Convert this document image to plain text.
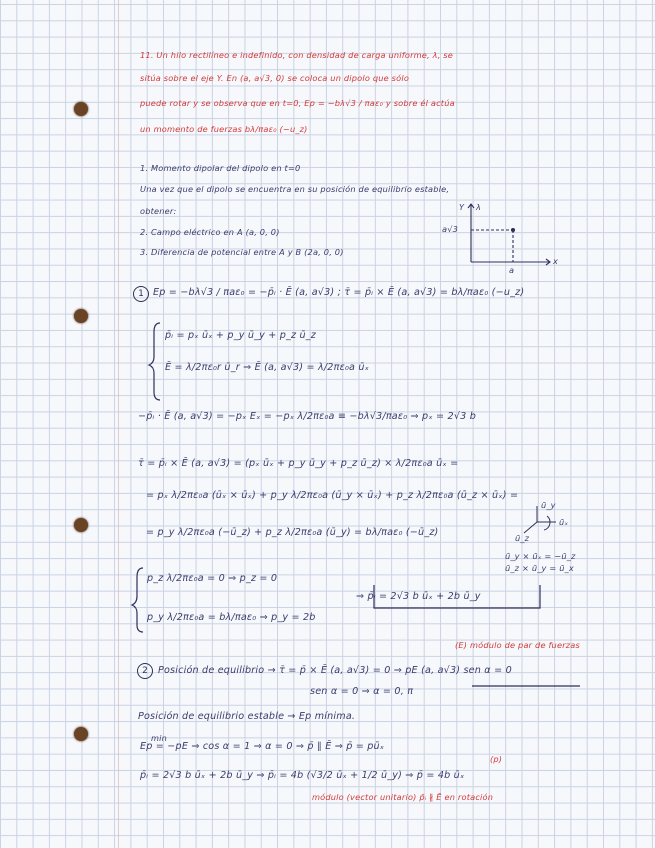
11. Un hilo rectilíneo e indefinido, con densidad de carga uniforme, λ, se
sitúa sobre el eje Y. En (a, a√3, 0) se coloca un dipolo que sólo
puede rotar y se observa que en t=0, Ep = −bλ√3 / πaε₀ y sobre él actúa
un momento de fuerzas bλ/πaε₀ (−u_z)
1. Momento dipolar del dipolo en t=0
Una vez que el dipolo se encuentra en su posición de equilibrio estable,
obtener:
2. Campo eléctrico en A (a, 0, 0)
3. Diferencia de potencial entre A y B (2a, 0, 0)
Y λ
a√3
a
x
1 Ep = −bλ√3 / πaε₀ = −p̄ᵢ · Ē (a, a√3) ; τ̄ = p̄ᵢ × Ē (a, a√3) = bλ/πaε₀ (−u_z)
p̄ᵢ = pₓ ūₓ + p_y ū_y + p_z ū_z
Ē = λ/2πε₀r ū_r ⇒ Ē (a, a√3) = λ/2πε₀a ūₓ
−p̄ᵢ · Ē (a, a√3) = −pₓ Eₓ = −pₓ λ/2πε₀a ≡ −bλ√3/πaε₀ ⇒ pₓ = 2√3 b
τ̄ = p̄ᵢ × Ē (a, a√3) = (pₓ ūₓ + p_y ū_y + p_z ū_z) × λ/2πε₀a ūₓ =
= pₓ λ/2πε₀a (ūₓ × ūₓ) + p_y λ/2πε₀a (ū_y × ūₓ) + p_z λ/2πε₀a (ū_z × ūₓ) =
= p_y λ/2πε₀a (−ū_z) + p_z λ/2πε₀a (ū_y) = bλ/πaε₀ (−ū_z)
ū_y
ūₓ
ū_z
ū_y × ūₓ = −ū_z
ū_z × ū_y = ū_x
p_z λ/2πε₀a = 0 ⇒ p_z = 0
p_y λ/2πε₀a = bλ/πaε₀ ⇒ p_y = 2b
⇒ p̄ᵢ = 2√3 b ūₓ + 2b ū_y
(E) módulo de par de fuerzas
2	Posición de equilibrio → τ̄ = p̄ × Ē (a, a√3) = 0 ⇒ pE (a, a√3) sen α = 0
sen α = 0 ⇒ α = 0, π
Posición de equilibrio estable → Ep mínima.
min
Ep = −pE ⇒ cos α = 1 ⇒ α = 0 ⇒ p̄ ∥ Ē ⇒ p̄ = pūₓ
(p)
p̄ᵢ = 2√3 b ūₓ + 2b ū_y ⇒ p̄ᵢ = 4b (√3/2 ūₓ + 1/2 ū_y) ⇒ p̄ = 4b ūₓ
módulo (vector unitario) p̄ᵢ ∦ Ē en rotación
